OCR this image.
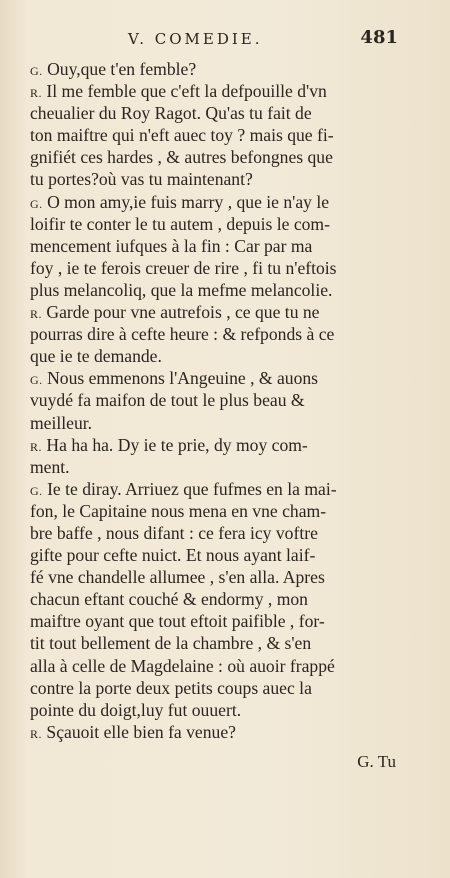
V. COMEDIE.	481
G. Ouy,que t'en femble?
R. Il me femble que c'eft la defpouille d'vn
cheualier du Roy Ragot. Qu'as tu fait de
ton maiftre qui n'eft auec toy ? mais que fi-
gnifiét ces hardes , & autres befongnes que
tu portes?où vas tu maintenant?
G. O mon amy,ie fuis marry , que ie n'ay le
loifir te conter le tu autem , depuis le com-
mencement iufques à la fin : Car par ma
foy , ie te ferois creuer de rire , fi tu n'eftois
plus melancoliq, que la mefme melancolie.
R. Garde pour vne autrefois , ce que tu ne
pourras dire à cefte heure : & refponds à ce
que ie te demande.
G. Nous emmenons l'Angeuine , & auons
vuydé fa maifon de tout le plus beau &
meilleur.
R. Ha ha ha. Dy ie te prie, dy moy com-
ment.
G. Ie te diray. Arriuez que fufmes en la mai-
fon, le Capitaine nous mena en vne cham-
bre baffe , nous difant : ce fera icy voftre
gifte pour cefte nuict. Et nous ayant laif-
fé vne chandelle allumee , s'en alla. Apres
chacun eftant couché & endormy , mon
maiftre oyant que tout eftoit paifible , for-
tit tout bellement de la chambre , & s'en
alla à celle de Magdelaine : où auoir frappé
contre la porte deux petits coups auec la
pointe du doigt,luy fut ouuert.
R. Sçauoit elle bien fa venue?
G. Tu
